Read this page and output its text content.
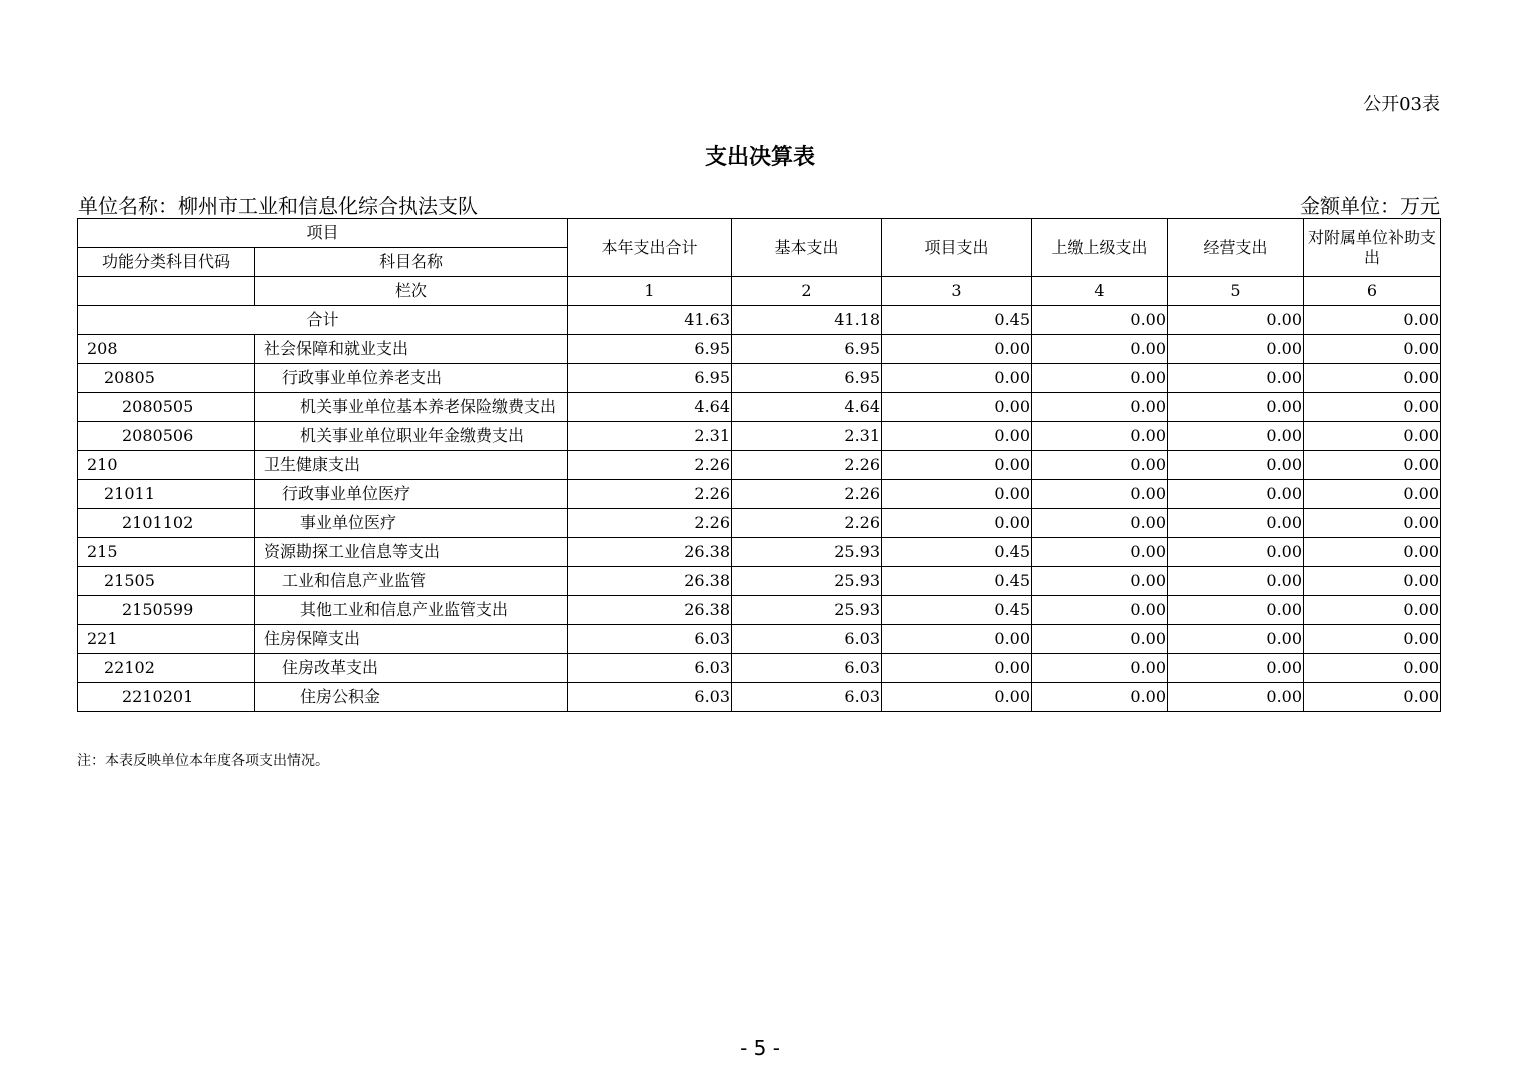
公开03表
支出决算表
单位名称：柳州市工业和信息化综合执法支队	金额单位：万元
项目		本年支出合计	基本支出	项目支出	上缴上级支出	经营支出	对附属单位补助支出
功能分类科目代码	科目名称						
	栏次	1	2	3	4	5	6
合计		41.63	41.18	0.45	0.00	0.00	0.00
208	社会保障和就业支出	6.95	6.95	0.00	0.00	0.00	0.00
20805	行政事业单位养老支出	6.95	6.95	0.00	0.00	0.00	0.00
2080505	机关事业单位基本养老保险缴费支出	4.64	4.64	0.00	0.00	0.00	0.00
2080506	机关事业单位职业年金缴费支出	2.31	2.31	0.00	0.00	0.00	0.00
210	卫生健康支出	2.26	2.26	0.00	0.00	0.00	0.00
21011	行政事业单位医疗	2.26	2.26	0.00	0.00	0.00	0.00
2101102	事业单位医疗	2.26	2.26	0.00	0.00	0.00	0.00
215	资源勘探工业信息等支出	26.38	25.93	0.45	0.00	0.00	0.00
21505	工业和信息产业监管	26.38	25.93	0.45	0.00	0.00	0.00
2150599	其他工业和信息产业监管支出	26.38	25.93	0.45	0.00	0.00	0.00
221	住房保障支出	6.03	6.03	0.00	0.00	0.00	0.00
22102	住房改革支出	6.03	6.03	0.00	0.00	0.00	0.00
2210201	住房公积金	6.03	6.03	0.00	0.00	0.00	0.00
注：本表反映单位本年度各项支出情况。
- 5 -
